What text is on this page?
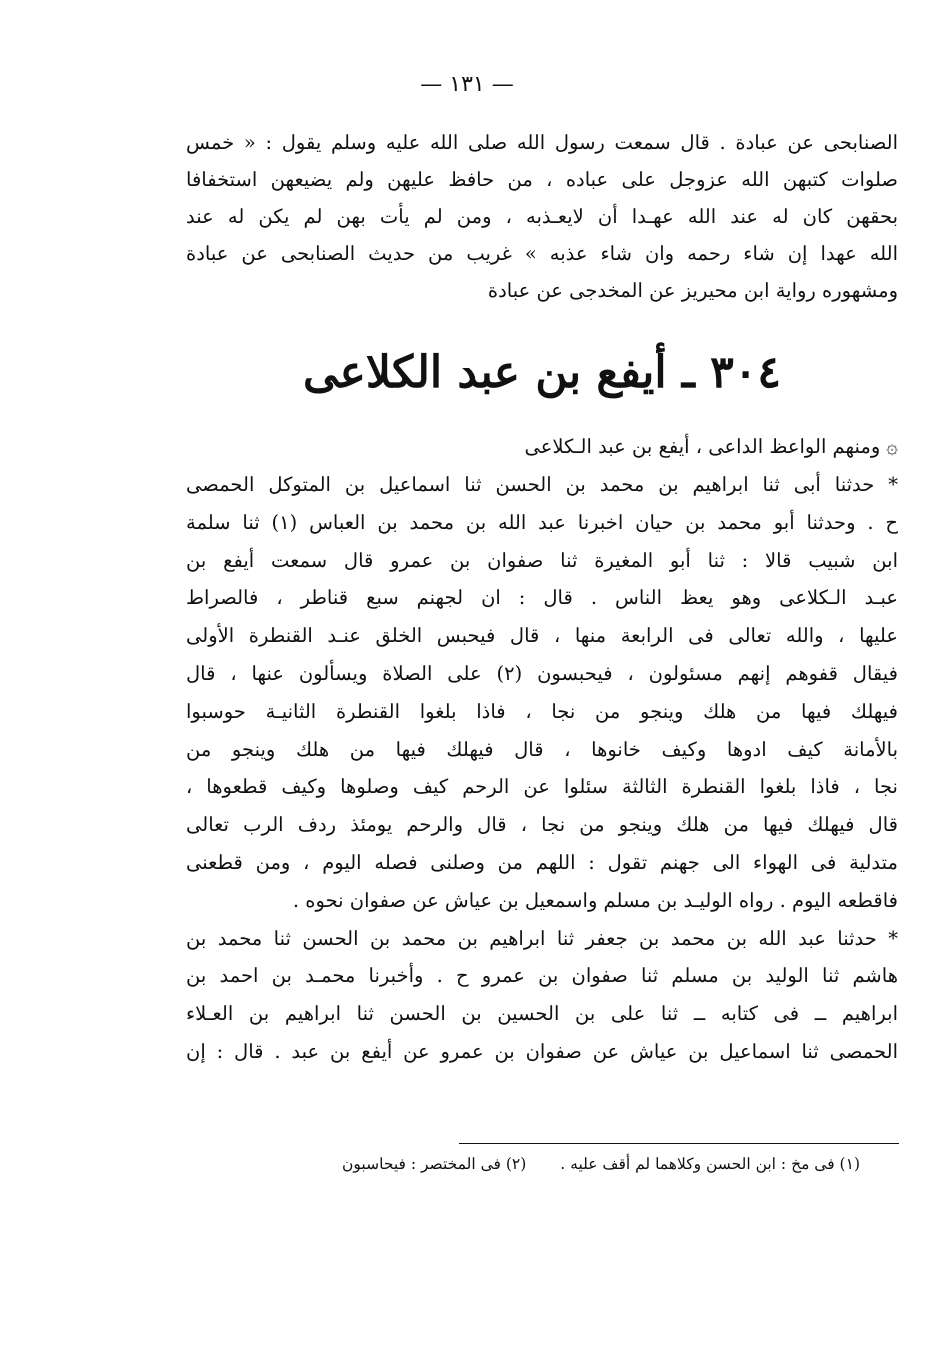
— ١٣١ —
الصنابحى عن عبادة . قال سمعت رسول الله صلى الله عليه وسلم يقول : « خمس
صلوات كتبهن الله عزوجل على عباده ، من حافظ عليهن ولم يضيعهن استخفافا
بحقهن كان له عند الله عهـدا أن لايعـذبه ، ومن لم يأت بهن لم يكن له عند
الله عهدا إن شاء رحمه وان شاء عذبه » غريب من حديث الصنابحى عن عبادة
ومشهوره رواية ابن محيريز عن المخدجى عن عبادة
٣٠٤ ـ أيفع بن عبد الكلاعى
۞ومنهم الواعظ الداعى ، أيفع بن عبد الـكلاعى
* حدثنا أبى ثنا ابراهيم بن محمد بن الحسن ثنا اسماعيل بن المتوكل الحمصى
ح . وحدثنا أبو محمد بن حيان اخبرنا عبد الله بن محمد بن العباس (١) ثنا سلمة
ابن شبيب قالا : ثنا أبو المغيرة ثنا صفوان بن عمرو قال سمعت أيفع بن
عبـد الـكلاعى وهو يعظ الناس . قال : ان لجهنم سبع قناطر ، فالصراط
عليها ، والله تعالى فى الرابعة منها ، قال فيحبس الخلق عنـد القنطرة الأولى
فيقال قفوهم إنهم مسئولون ، فيحبسون (٢) على الصلاة ويسألون عنها ، قال
فيهلك فيها من هلك وينجو من نجا ، فاذا بلغوا القنطرة الثانيـة حوسبوا
بالأمانة كيف ادوها وكيف خانوها ، قال فيهلك فيها من هلك وينجو من
نجا ، فاذا بلغوا القنطرة الثالثة سئلوا عن الرحم كيف وصلوها وكيف قطعوها ،
قال فيهلك فيها من هلك وينجو من نجا ، قال والرحم يومئذ ردف الرب تعالى
متدلية فى الهواء الى جهنم تقول : اللهم من وصلنى فصله اليوم ، ومن قطعنى
فاقطعه اليوم . رواه الوليـد بن مسلم واسمعيل بن عياش عن صفوان نحوه .
* حدثنا عبد الله بن محمد بن جعفر ثنا ابراهيم بن محمد بن الحسن ثنا محمد بن
هاشم ثنا الوليد بن مسلم ثنا صفوان بن عمرو ح . وأخبرنا محمـد بن احمد بن
ابراهيم ــ فى كتابه ــ ثنا على بن الحسين بن الحسن ثنا ابراهيم بن العـلاء
الحمصى ثنا اسماعيل بن عياش عن صفوان بن عمرو عن أيفع بن عبد . قال : إن
(١) فى مخ : ابن الحسن وكلاهما لم أقف عليه .(٢) فى المختصر : فيحاسبون
